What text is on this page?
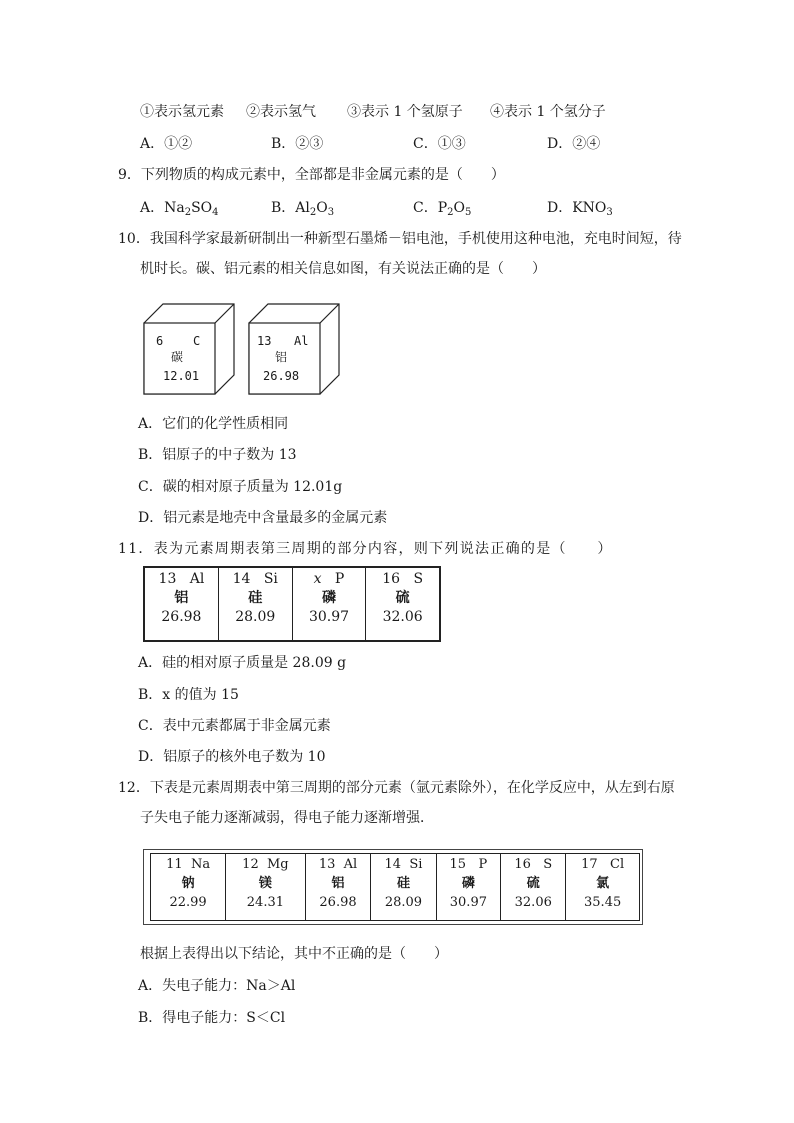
①表示氢元素 ②表示氢气 ③表示 1 个氢原子 ④表示 1 个氢分子
A．①②	B．②③	C．①③	D．②④
9．下列物质的构成元素中，全部都是非金属元素的是（　　）
A．$Na_2SO_4$	B．$Al_2O_3$	C．$P_2O_5$	D．$KNO_3$
10．我国科学家最新研制出一种新型石墨烯－铝电池，手机使用这种电池，充电时间短，待
机时长。碳、铝元素的相关信息如图，有关说法正确的是（　　）
6 C
碳
12.01
13 Al
铝
26.98
A．它们的化学性质相同
B．铝原子的中子数为 13
C．碳的相对原子质量为 12.01g
D．铝元素是地壳中含量最多的金属元素
11．表为元素周期表第三周期的部分内容，则下列说法正确的是（　　）
13 Al
铝
26.98

14 Si
硅
28.09

x P
磷
30.97

16 S
硫
32.06
A．硅的相对原子质量是 28.09 g
B．x 的值为 15
C．表中元素都属于非金属元素
D．铝原子的核外电子数为 10
12．下表是元素周期表中第三周期的部分元素（氩元素除外），在化学反应中，从左到右原
子失电子能力逐渐减弱，得电子能力逐渐增强．
11 Na
钠
22.99

12 Mg
镁
24.31

13 Al
铝
26.98

14 Si
硅
28.09

15 P
磷
30.97

16 S
硫
32.06

17 Cl
氯
35.45
根据上表得出以下结论，其中不正确的是（　　）
A．失电子能力：Na＞Al
B．得电子能力：S＜Cl
